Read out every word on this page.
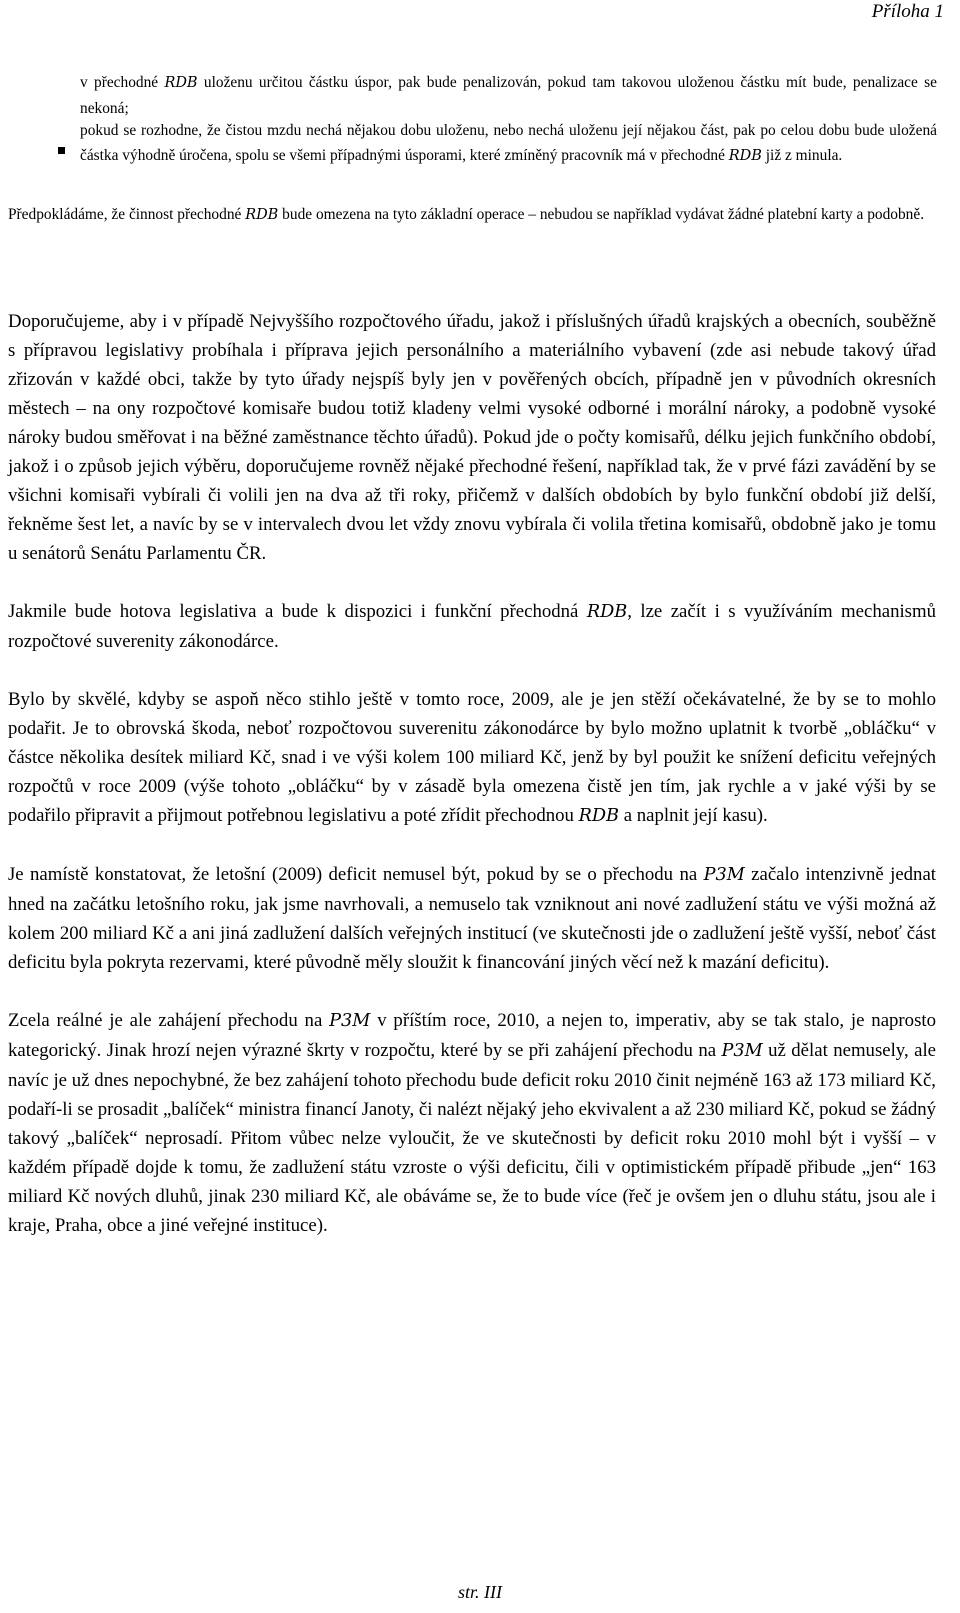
Příloha 1

v přechodné RDB uloženu určitou částku úspor, pak bude penalizován, pokud tam takovou uloženou částku mít bude, penalizace se nekoná;

pokud se rozhodne, že čistou mzdu nechá nějakou dobu uloženu, nebo nechá uloženu její nějakou část, pak po celou dobu bude uložená částka výhodně úročena, spolu se všemi případnými úsporami, které zmíněný pracovník má v přechodné RDB již z minula.

Předpokládáme, že činnost přechodné RDB bude omezena na tyto základní operace – nebudou se například vydávat žádné platební karty a podobně.

Doporučujeme, aby i v případě Nejvyššího rozpočtového úřadu, jakož i příslušných úřadů krajských a obecních, souběžně s přípravou legislativy probíhala i příprava jejich personálního a materiálního vybavení (zde asi nebude takový úřad zřizován v každé obci, takže by tyto úřady nejspíš byly jen v pověřených obcích, případně jen v původních okresních městech – na ony rozpočtové komisaře budou totiž kladeny velmi vysoké odborné i morální nároky, a podobně vysoké nároky budou směřovat i na běžné zaměstnance těchto úřadů). Pokud jde o počty komisařů, délku jejich funkčního období, jakož i o způsob jejich výběru, doporučujeme rovněž nějaké přechodné řešení, například tak, že v prvé fázi zavádění by se všichni komisaři vybírali či volili jen na dva až tři roky, přičemž v dalších obdobích by bylo funkční období již delší, řekněme šest let, a navíc by se v intervalech dvou let vždy znovu vybírala či volila třetina komisařů, obdobně jako je tomu u senátorů Senátu Parlamentu ČR.

Jakmile bude hotova legislativa a bude k dispozici i funkční přechodná RDB, lze začít i s využíváním mechanismů rozpočtové suverenity zákonodárce.

Bylo by skvělé, kdyby se aspoň něco stihlo ještě v tomto roce, 2009, ale je jen stěží očekávatelné, že by se to mohlo podařit. Je to obrovská škoda, neboť rozpočtovou suverenitu zákonodárce by bylo možno uplatnit k tvorbě „obláčku“ v částce několika desítek miliard Kč, snad i ve výši kolem 100 miliard Kč, jenž by byl použit ke snížení deficitu veřejných rozpočtů v roce 2009 (výše tohoto „obláčku“ by v zásadě byla omezena čistě jen tím, jak rychle a v jaké výši by se podařilo připravit a přijmout potřebnou legislativu a poté zřídit přechodnou RDB a naplnit její kasu).

Je namístě konstatovat, že letošní (2009) deficit nemusel být, pokud by se o přechodu na P3M začalo intenzivně jednat hned na začátku letošního roku, jak jsme navrhovali, a nemuselo tak vzniknout ani nové zadlužení státu ve výši možná až kolem 200 miliard Kč a ani jiná zadlužení dalších veřejných institucí (ve skutečnosti jde o zadlužení ještě vyšší, neboť část deficitu byla pokryta rezervami, které původně měly sloužit k financování jiných věcí než k mazání deficitu).

Zcela reálné je ale zahájení přechodu na P3M v příštím roce, 2010, a nejen to, imperativ, aby se tak stalo, je naprosto kategorický. Jinak hrozí nejen výrazné škrty v rozpočtu, které by se při zahájení přechodu na P3M už dělat nemusely, ale navíc je už dnes nepochybné, že bez zahájení tohoto přechodu bude deficit roku 2010 činit nejméně 163 až 173 miliard Kč, podaří-li se prosadit „balíček“ ministra financí Janoty, či nalézt nějaký jeho ekvivalent a až 230 miliard Kč, pokud se žádný takový „balíček“ neprosadí. Přitom vůbec nelze vyloučit, že ve skutečnosti by deficit roku 2010 mohl být i vyšší – v každém případě dojde k tomu, že zadlužení státu vzroste o výši deficitu, čili v optimistickém případě přibude „jen“ 163 miliard Kč nových dluhů, jinak 230 miliard Kč, ale obáváme se, že to bude více (řeč je ovšem jen o dluhu státu, jsou ale i kraje, Praha, obce a jiné veřejné instituce).

str. III
